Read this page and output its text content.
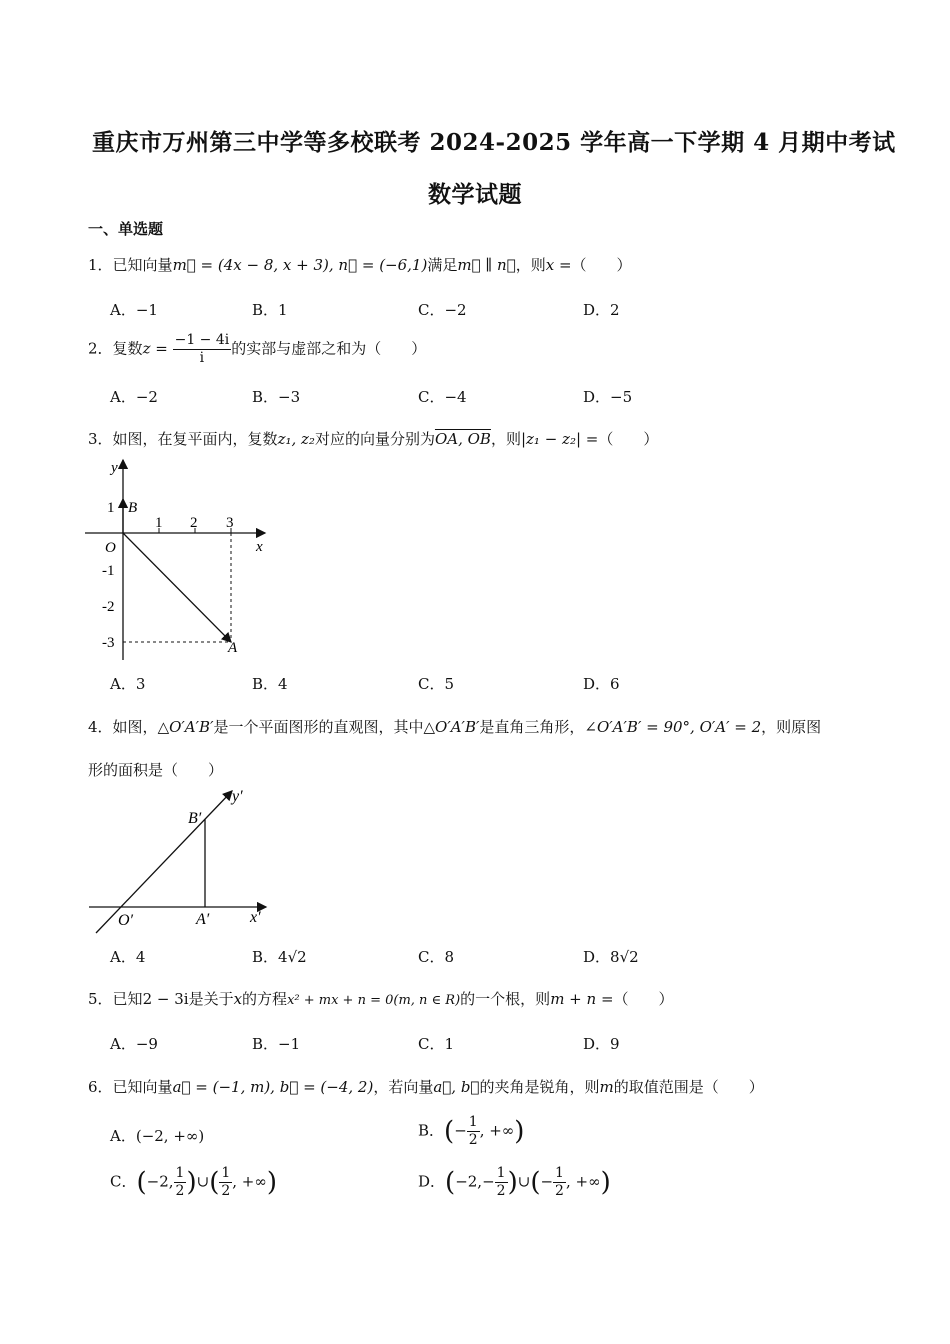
重庆市万州第三中学等多校联考 2024-2025 学年高一下学期 4 月期中考试
数学试题
一、单选题
1．已知向量m⃗ = (4x − 8, x + 3), n⃗ = (−6,1)满足m⃗ ∥ n⃗，则x =（　　）
A．−1	B．1	C．−2	D．2
2．复数$z = \frac{-1 - 4i}{i}$ 的实部与虚部之和为（　　）
A．−2	B．−3	C．−4	D．−5
3．如图，在复平面内，复数z₁, z₂对应的向量分别为OA, OB，则|z₁ − z₂| =（　　）
y
x
O
B
A
1 2 3
1
-1
-2
-3
A．3	B．4	C．5	D．6
4．如图，△O′A′B′是一个平面图形的直观图，其中△O′A′B′是直角三角形，∠O′A′B′ = 90°, O′A′ = 2，则原图
形的面积是（　　）
y′
x′
O′	A′
B′
A．4	B．4√2	C．8	D．8√2
5．已知2 − 3i是关于x的方程x² + mx + n = 0(m, n ∈ R)的一个根，则m + n =（　　）
A．−9	B．−1	C．1	D．9
6．已知向量a⃗ = (−1, m), b⃗ = (−4, 2)，若向量a⃗, b⃗的夹角是锐角，则m的取值范围是（　　）
A．(−2, +∞)	B．(− $\frac{1}{2}$ , +∞)
C．(−2, $\frac{1}{2}$ )∪( $\frac{1}{2}$ , +∞)	D．($-2,- \frac{1}{2}$ )∪(− $\frac{1}{2}$ , +∞)
